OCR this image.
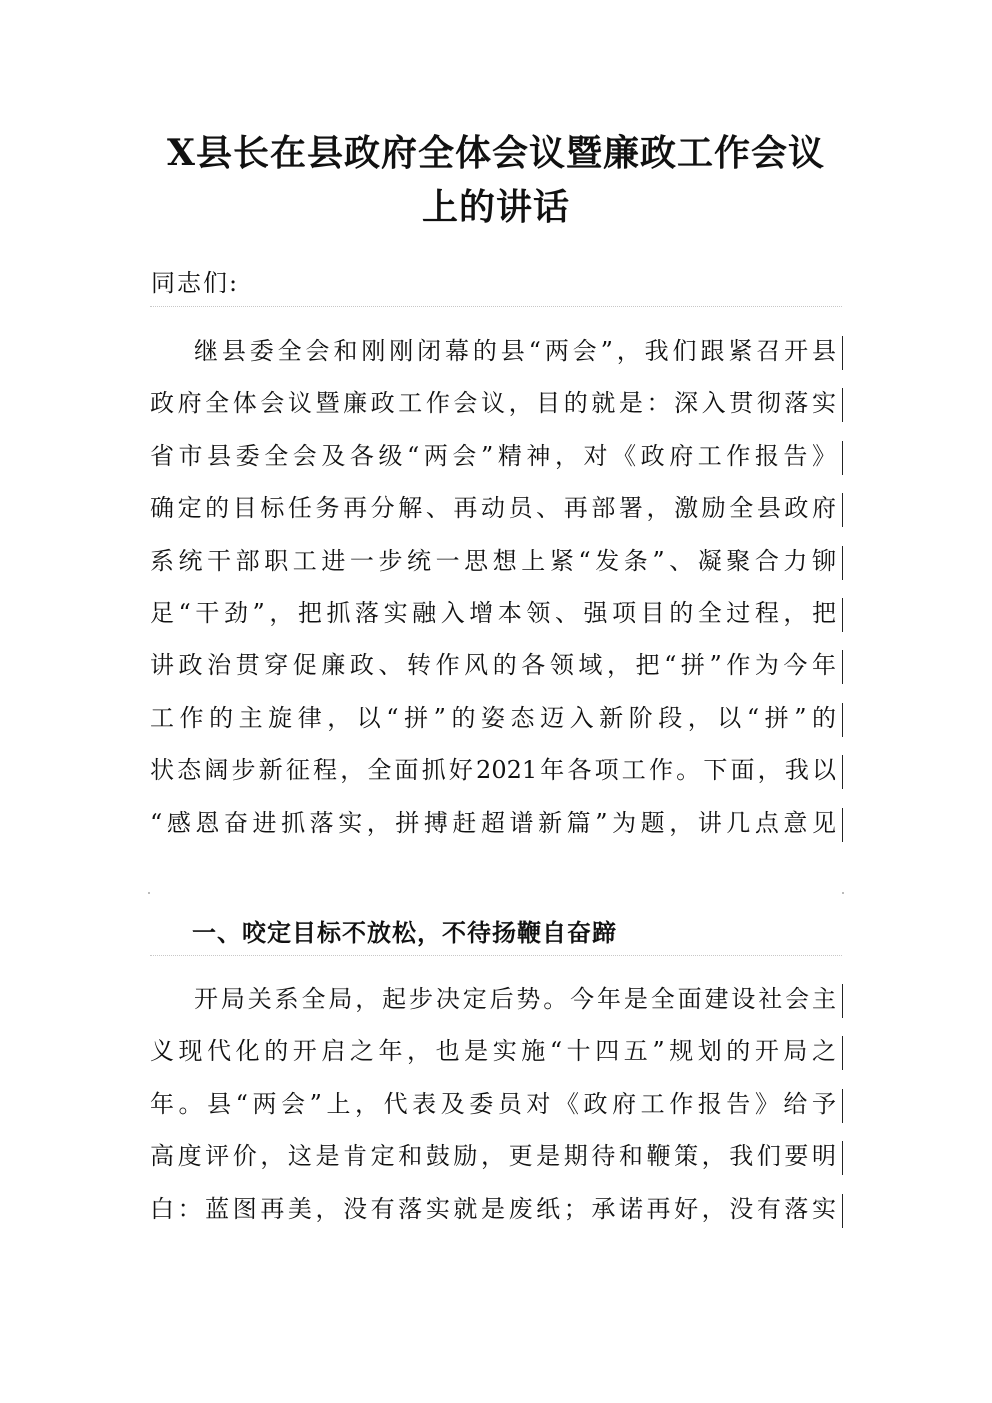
X县长在县政府全体会议暨廉政工作会议
上的讲话
同志们:
继县委全会和刚刚闭幕的县“两会”，我们跟紧召开县
政府全体会议暨廉政工作会议，目的就是：深入贯彻落实
省市县委全会及各级“两会”精神，对《政府工作报告》
确定的目标任务再分解、再动员、再部署，激励全县政府
系统干部职工进一步统一思想上紧“发条”、凝聚合力铆
足“干劲”，把抓落实融入增本领、强项目的全过程，把
讲政治贯穿促廉政、转作风的各领域，把“拼”作为今年
工作的主旋律，以“拼”的姿态迈入新阶段，以“拼”的
状态阔步新征程，全面抓好2021年各项工作。下面，我以
“感恩奋进抓落实，拼搏赶超谱新篇”为题，讲几点意见
一、咬定目标不放松，不待扬鞭自奋蹄
开局关系全局，起步决定后势。今年是全面建设社会主
义现代化的开启之年，也是实施“十四五”规划的开局之
年。县“两会”上，代表及委员对《政府工作报告》给予
高度评价，这是肯定和鼓励，更是期待和鞭策，我们要明
白：蓝图再美，没有落实就是废纸；承诺再好，没有落实
